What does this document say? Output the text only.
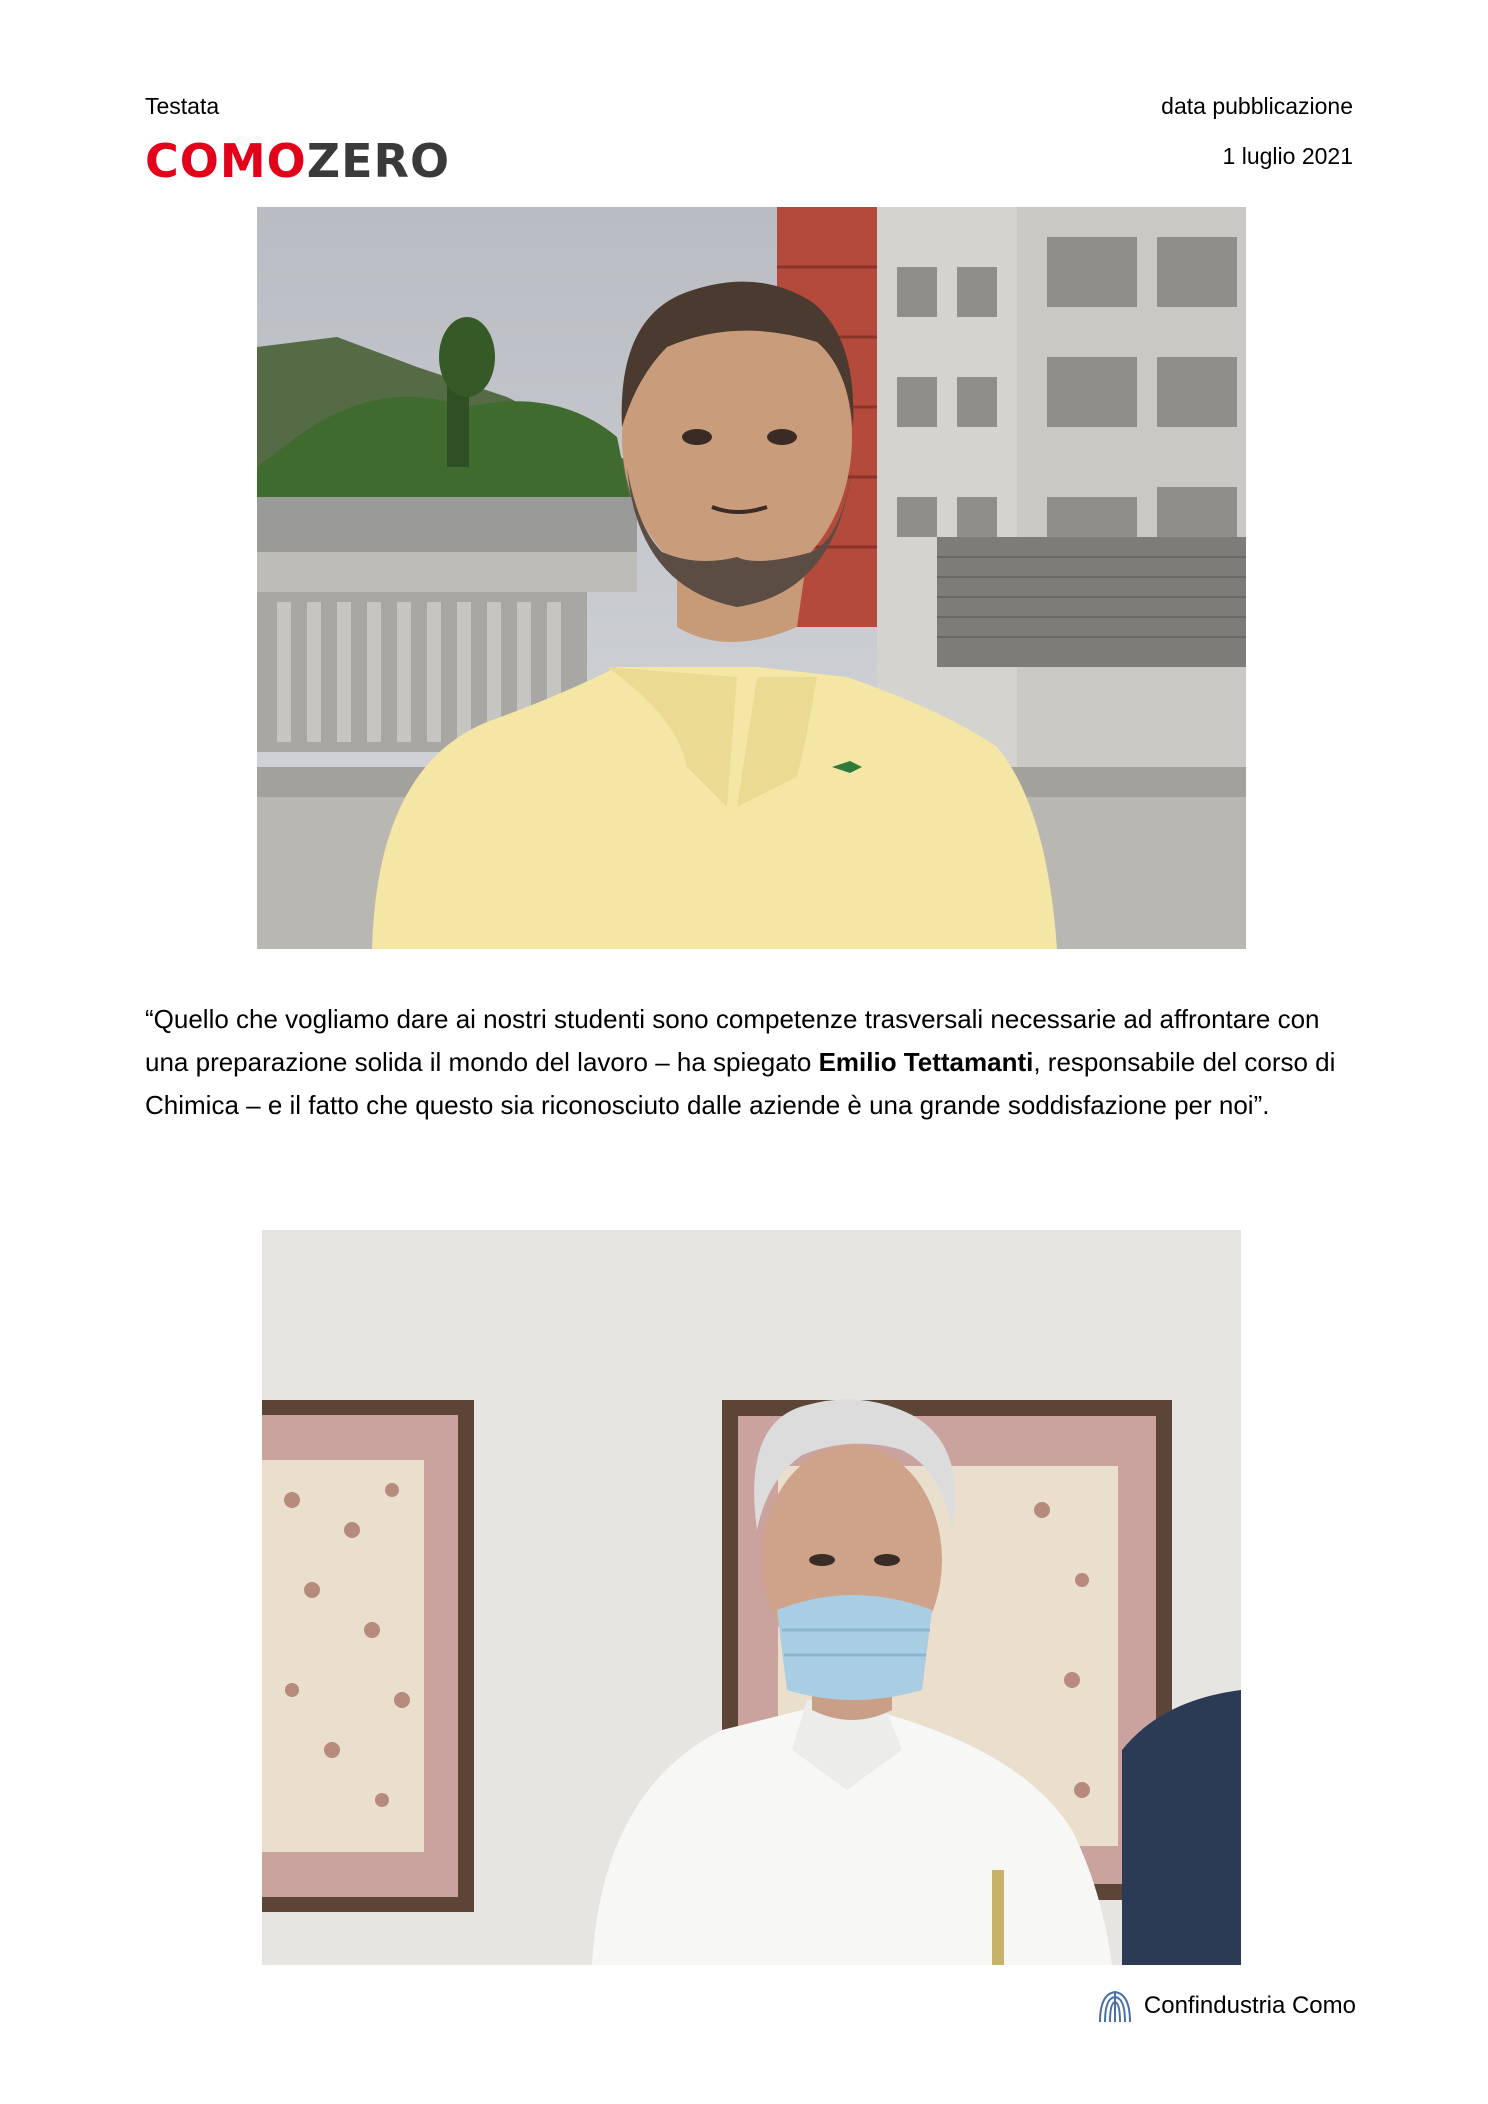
Testata
COMOZERO
data pubblicazione
1 luglio 2021
“Quello che vogliamo dare ai nostri studenti sono competenze trasversali necessarie ad affrontare con una preparazione solida il mondo del lavoro – ha spiegato Emilio Tettamanti, responsabile del corso di Chimica – e il fatto che questo sia riconosciuto dalle aziende è una grande soddisfazione per noi”.
Confindustria Como
